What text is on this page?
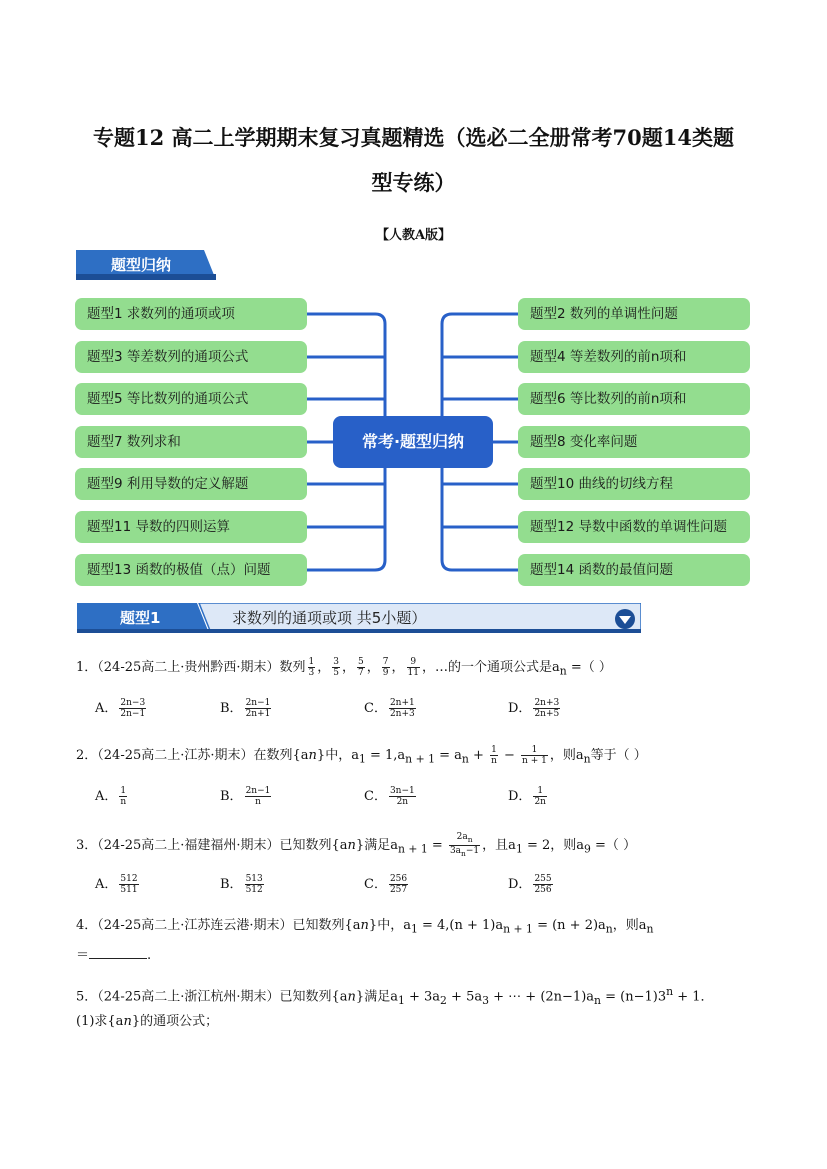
专题12 高二上学期期末复习真题精选（选必二全册常考70题14类题
型专练）
【人教A版】
题型归纳
题型1 求数列的通项或项
题型3 等差数列的通项公式
题型5 等比数列的通项公式
题型7 数列求和
题型9 利用导数的定义解题
题型11 导数的四则运算
题型13 函数的极值（点）问题
题型2 数列的单调性问题
题型4 等差数列的前n项和
题型6 等比数列的前n项和
题型8 变化率问题
题型10 曲线的切线方程
题型12 导数中函数的单调性问题
题型14 函数的最值问题
常考·题型归纳
题型1	求数列的通项或项 共5小题）
1．（24-25高二上·贵州黔西·期末）数列 $\frac{1}{3}$ ， $\frac{3}{5}$ ， $\frac{5}{7}$ ， $\frac{7}{9}$ ， $\frac{9}{11}$ ，…的一个通项公式是$a_n$ =（ ）
A． $\frac{2n-3}{2n-1}$	B． $\frac{2n-1}{2n+1}$	C． $\frac{2n+1}{2n+3}$	D． $\frac{2n+3}{2n+5}$
2．（24-25高二上·江苏·期末）在数列{an}中，$a_1 = 1,a_{n + 1} = a_n + \frac{1}{n} - \frac{1}{n + 1}$ ，则$a_n$等于（ ）
A． $\frac{1}{n}$	B． $\frac{2n-1}{n}$	C． $\frac{3n-1}{2n}$	D． $\frac{1}{2n}$
3．（24-25高二上·福建福州·期末）已知数列{an}满足$a_{n + 1} = \frac{2a_n}{3a_n-1}$ ，且$a_1 = 2$，则$a_9$ =（ ）
A． $\frac{512}{511}$	B． $\frac{513}{512}$	C． $\frac{256}{257}$	D． $\frac{255}{256}$
4．（24-25高二上·江苏连云港·期末）已知数列{an}中，$a_1 = 4,(n + 1)a_{n + 1} = (n + 2)a_n$，则$a_n$
＝	.
5．（24-25高二上·浙江杭州·期末）已知数列{an}满足$a_1 + 3a_2 + 5a_3$ + ⋯ + $(2n-1)a_n = (n-1)3^n + 1$．
(1)求{an}的通项公式；
